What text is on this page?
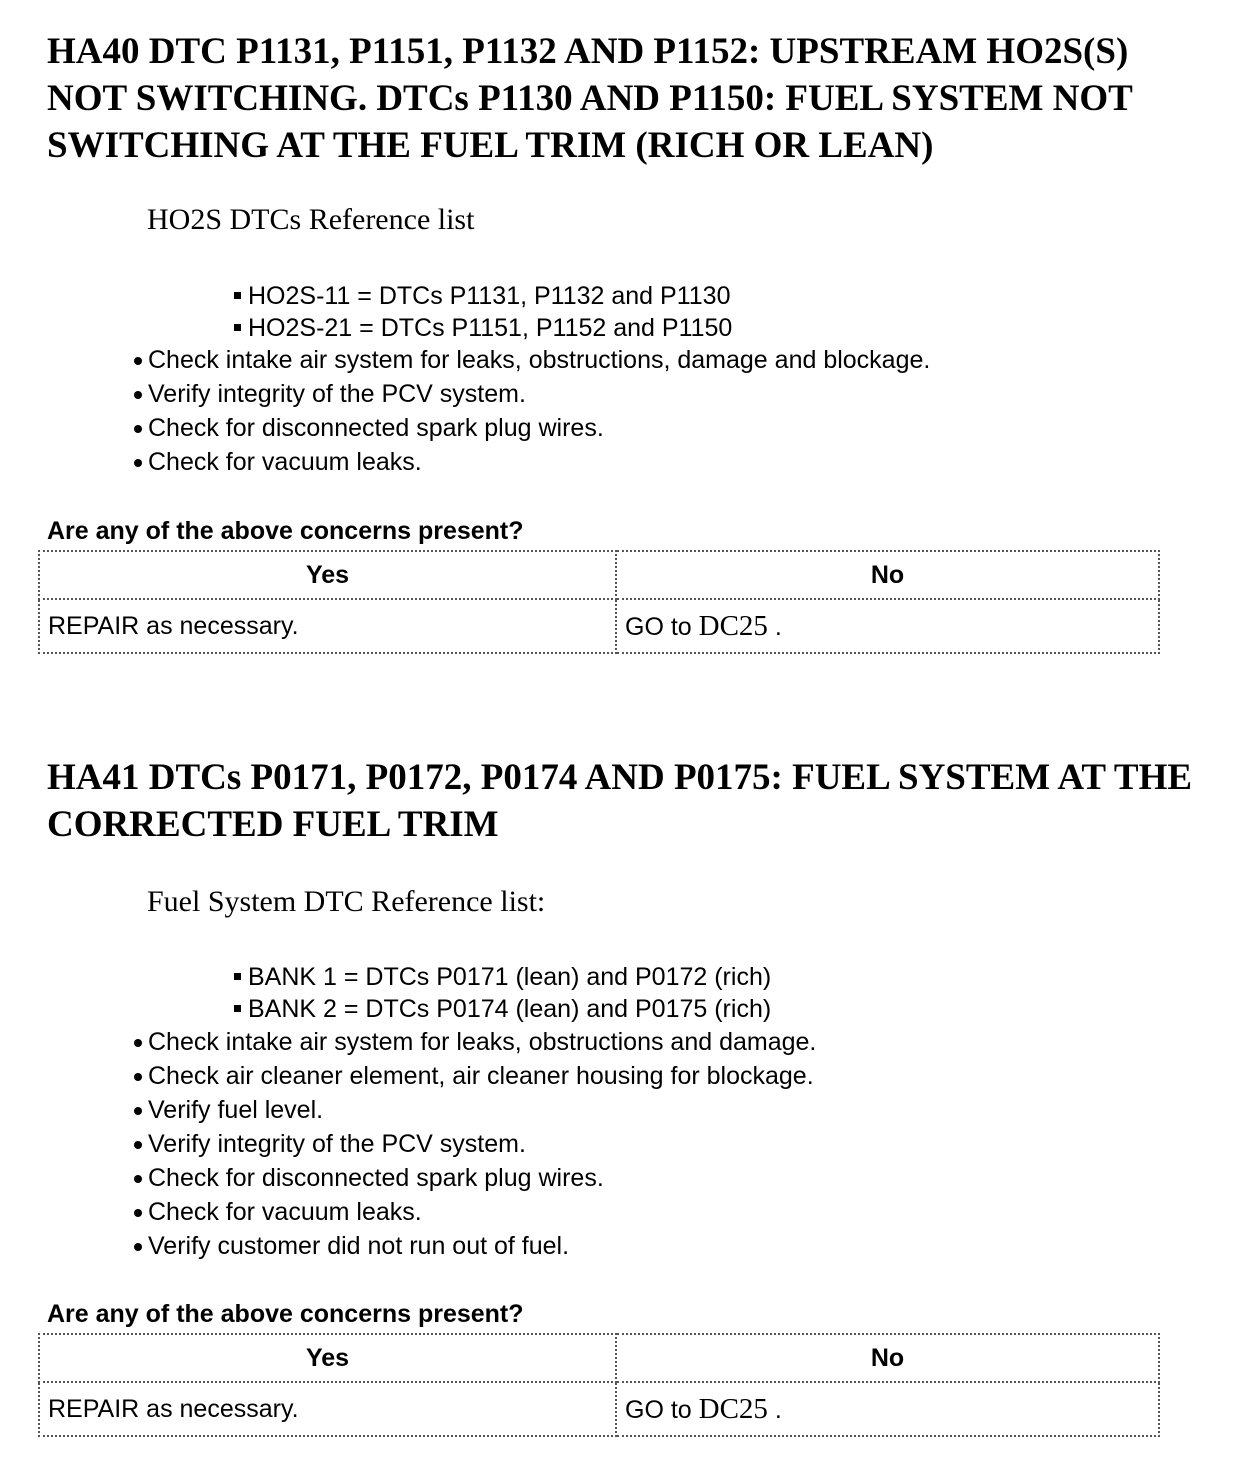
HA40 DTC P1131, P1151, P1132 AND P1152: UPSTREAM HO2S(S) NOT SWITCHING. DTCs P1130 AND P1150: FUEL SYSTEM NOT SWITCHING AT THE FUEL TRIM (RICH OR LEAN)
HO2S DTCs Reference list
HO2S-11 = DTCs P1131, P1132 and P1130
HO2S-21 = DTCs P1151, P1152 and P1150
Check intake air system for leaks, obstructions, damage and blockage.
Verify integrity of the PCV system.
Check for disconnected spark plug wires.
Check for vacuum leaks.
Are any of the above concerns present?
Yes	No
REPAIR as necessary.	GO to DC25 .
HA41 DTCs P0171, P0172, P0174 AND P0175: FUEL SYSTEM AT THE CORRECTED FUEL TRIM
Fuel System DTC Reference list:
BANK 1 = DTCs P0171 (lean) and P0172 (rich)
BANK 2 = DTCs P0174 (lean) and P0175 (rich)
Check intake air system for leaks, obstructions and damage.
Check air cleaner element, air cleaner housing for blockage.
Verify fuel level.
Verify integrity of the PCV system.
Check for disconnected spark plug wires.
Check for vacuum leaks.
Verify customer did not run out of fuel.
Are any of the above concerns present?
Yes	No
REPAIR as necessary.	GO to DC25 .
